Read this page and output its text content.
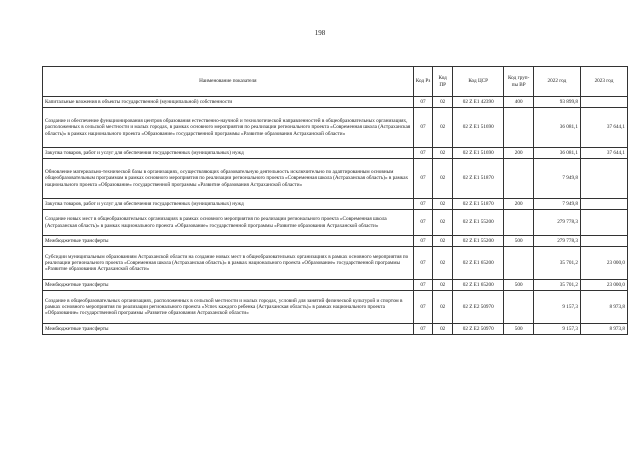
198
Наименование показателя	Код Рз	Код ПР	Код ЦСР	Код груп-пы ВР	2022 год	2023 год
Капитальные вложения в объекты государственной (муниципальной) собственности	07	02	02 Z E1 42390	400	93 899,8	
Создание и обеспечение функционирования центров образования естественно-научной и технологической направленностей в общеобразовательных организациях, расположенных в сельской местности и малых городах, в рамках основного мероприятия по реализации регионального проекта «Современная школа (Астраханская область)» в рамках национального проекта «Образование» государственной программы «Развитие образования Астраханской области»	07	02	02 Z E1 51690		36 081,1	37 644,1
Закупка товаров, работ и услуг для обеспечения государственных (муниципальных) нужд	07	02	02 Z E1 51690	200	36 081,1	37 644,1
Обновление материально-технической базы в организациях, осуществляющих образовательную деятельность исключительно по адаптированным основным общеобразовательным программам в рамках основного мероприятия по реализации регионального проекта «Современная школа (Астраханская область)» в рамках национального проекта «Образование» государственной программы «Развитие образования Астраханской области»	07	02	02 Z E1 51870		7 949,8	
Закупка товаров, работ и услуг для обеспечения государственных (муниципальных) нужд	07	02	02 Z E1 51870	200	7 949,8	
Создание новых мест в общеобразовательных организациях в рамках основного мероприятия по реализации регионального проекта «Современная школа (Астраханская область)» в рамках национального проекта «Образование» государственной программы «Развитие образования Астраханской области»	07	02	02 Z E1 55200		279 778,3	
Межбюджетные трансферты	07	02	02 Z E1 55200	500	279 778,3	
Субсидии муниципальным образованиям Астраханской области на создание новых мест в общеобразовательных организациях в рамках основного мероприятия по реализации регионального проекта «Современная школа (Астраханская область)» в рамках национального проекта «Образование» государственной программы «Развитие образования Астраханской области»	07	02	02 Z E1 65200		35 701,2	23 000,0
Межбюджетные трансферты	07	02	02 Z E1 65200	500	35 701,2	23 000,0
Создание в общеобразовательных организациях, расположенных в сельской местности и малых городах, условий для занятий физической культурой и спортом в рамках основного мероприятия по реализации регионального проекта «Успех каждого ребенка (Астраханская область)» в рамках национального проекта «Образование» государственной программы «Развитие образования Астраханской области»	07	02	02 Z E2 50970		9 157,3	8 973,8
Межбюджетные трансферты	07	02	02 Z E2 50970	500	9 157,3	8 973,8
